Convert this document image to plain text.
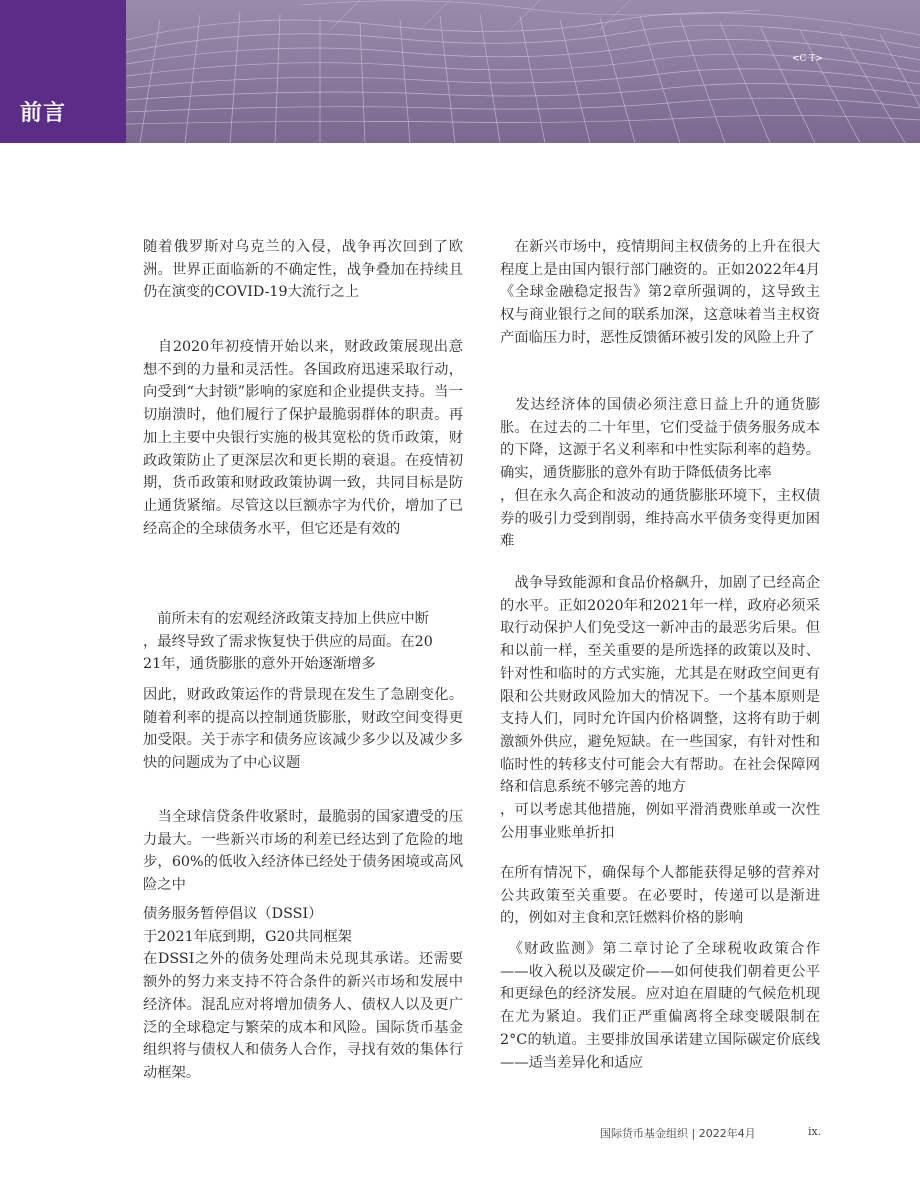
前言
<C T>

随着俄罗斯对乌克兰的入侵，战争再次回到了欧洲。世界正面临新的不确定性，战争叠加在持续且仍在演变的COVID-19大流行之上

　自2020年初疫情开始以来，财政政策展现出意想不到的力量和灵活性。各国政府迅速采取行动，向受到“大封锁”影响的家庭和企业提供支持。当一切崩溃时，他们履行了保护最脆弱群体的职责。再加上主要中央银行实施的极其宽松的货币政策，财政政策防止了更深层次和更长期的衰退。在疫情初期，货币政策和财政政策协调一致，共同目标是防止通货紧缩。尽管这以巨额赤字为代价，增加了已经高企的全球债务水平，但它还是有效的

　前所未有的宏观经济政策支持加上供应中断
，最终导致了需求恢复快于供应的局面。在20
21年，通货膨胀的意外开始逐渐增多

因此，财政政策运作的背景现在发生了急剧变化。随着利率的提高以控制通货膨胀，财政空间变得更加受限。关于赤字和债务应该减少多少以及减少多快的问题成为了中心议题

　当全球信贷条件收紧时，最脆弱的国家遭受的压力最大。一些新兴市场的利差已经达到了危险的地步，60%的低收入经济体已经处于债务困境或高风险之中

债务服务暂停倡议（DSSI）
于2021年底到期，G20共同框架
在DSSI之外的债务处理尚未兑现其承诺。还需要额外的努力来支持不符合条件的新兴市场和发展中经济体。混乱应对将增加债务人、债权人以及更广泛的全球稳定与繁荣的成本和风险。国际货币基金组织将与债权人和债务人合作，寻找有效的集体行动框架。

　在新兴市场中，疫情期间主权债务的上升在很大程度上是由国内银行部门融资的。正如2022年4月《全球金融稳定报告》第2章所强调的，这导致主权与商业银行之间的联系加深，这意味着当主权资产面临压力时，恶性反馈循环被引发的风险上升了

　发达经济体的国债必须注意日益上升的通货膨胀。在过去的二十年里，它们受益于债务服务成本的下降，这源于名义利率和中性实际利率的趋势。确实，通货膨胀的意外有助于降低债务比率
，但在永久高企和波动的通货膨胀环境下，主权债券的吸引力受到削弱，维持高水平债务变得更加困难

　战争导致能源和食品价格飙升，加剧了已经高企的水平。正如2020年和2021年一样，政府必须采取行动保护人们免受这一新冲击的最恶劣后果。但和以前一样，至关重要的是所选择的政策以及时、针对性和临时的方式实施，尤其是在财政空间更有限和公共财政风险加大的情况下。一个基本原则是支持人们，同时允许国内价格调整，这将有助于刺激额外供应，避免短缺。在一些国家，有针对性和临时性的转移支付可能会大有帮助。在社会保障网络和信息系统不够完善的地方
，可以考虑其他措施，例如平滑消费账单或一次性公用事业账单折扣

在所有情况下，确保每个人都能获得足够的营养对公共政策至关重要。在必要时，传递可以是渐进的，例如对主食和烹饪燃料价格的影响

　《财政监测》第二章讨论了全球税收政策合作——收入税以及碳定价——如何使我们朝着更公平和更绿色的经济发展。应对迫在眉睫的气候危机现在尤为紧迫。我们正严重偏离将全球变暖限制在2°C的轨道。主要排放国承诺建立国际碳定价底线——适当差异化和适应

国际货币基金组织 | 2022年4月	ix.
